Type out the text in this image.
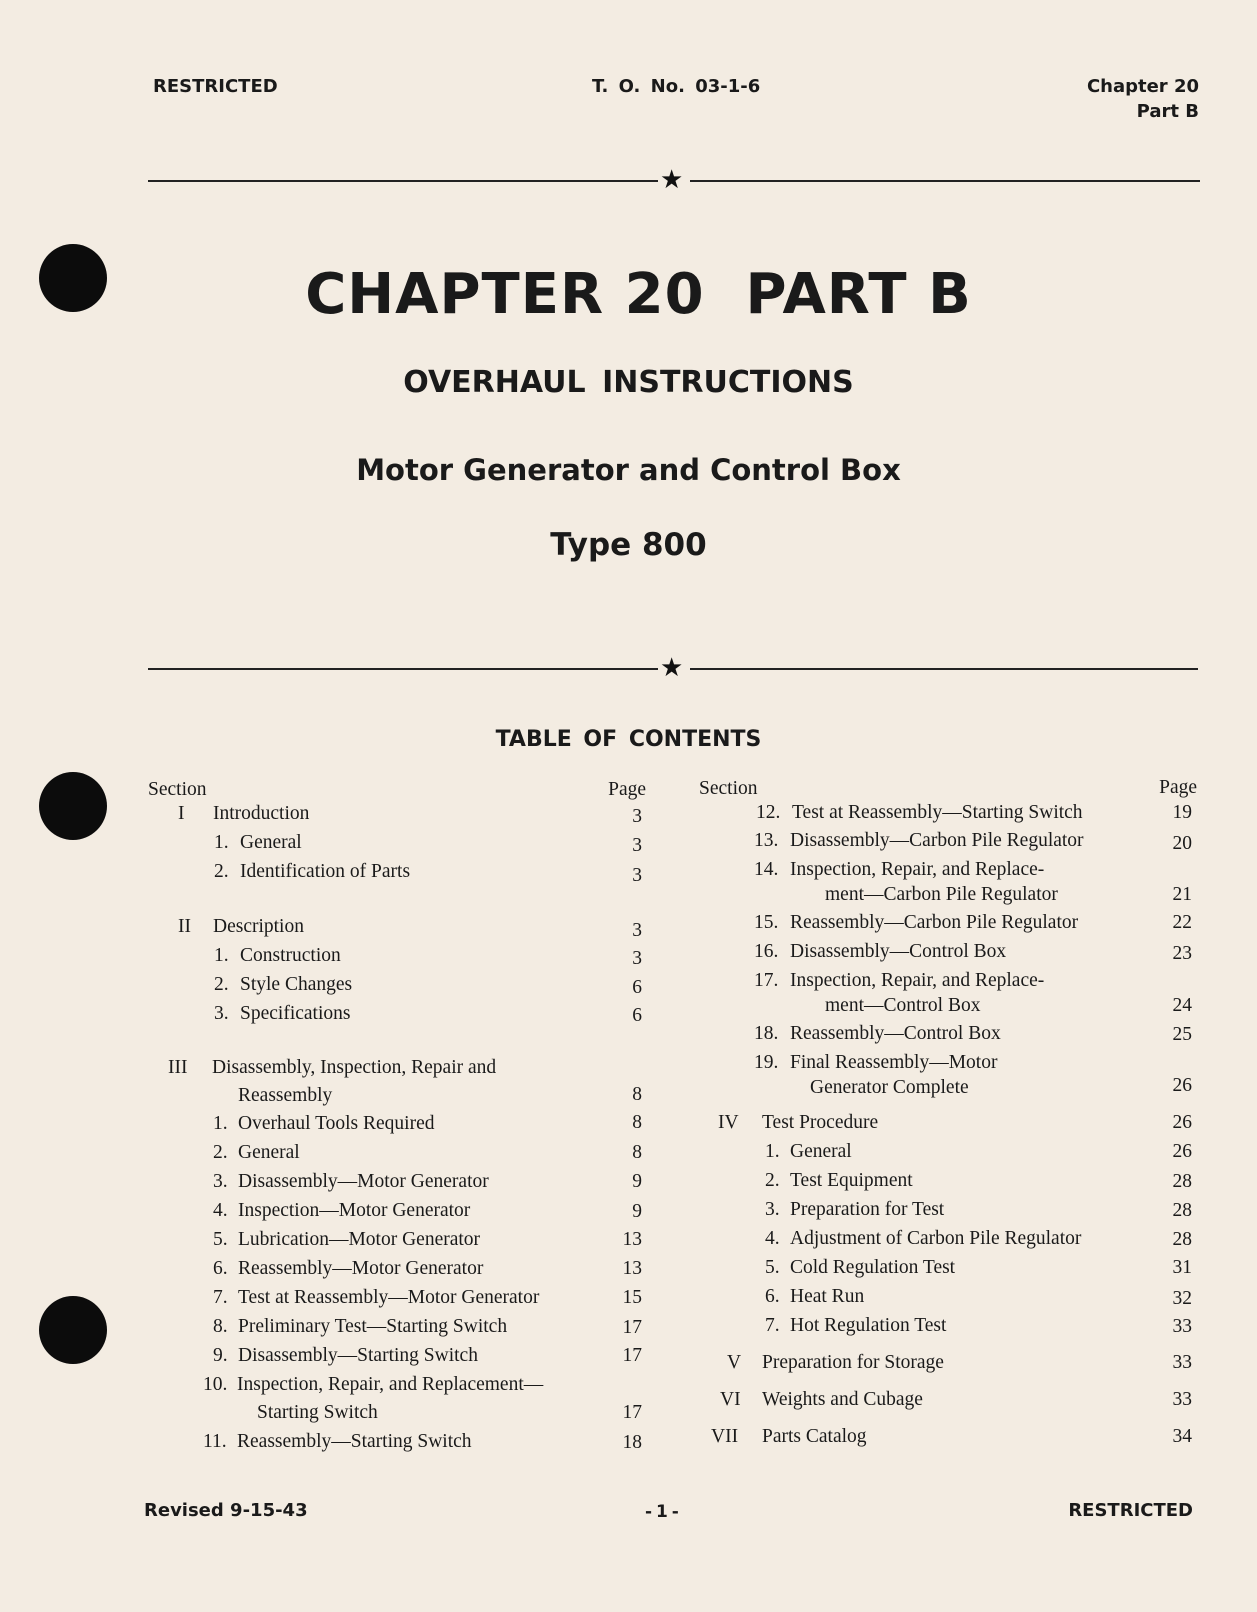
RESTRICTED	T. O. No. 03-1-6	Chapter 20
Part B
★
CHAPTER 20  PART B
OVERHAUL INSTRUCTIONS
Motor Generator and Control Box
Type 800
★
TABLE OF CONTENTS
Section	Page	Section	Page
I Introduction	3
1. General	3
2. Identification of Parts	3
II Description	3
1. Construction	3
2. Style Changes	6
3. Specifications	6
III Disassembly, Inspection, Repair and
Reassembly	8
1. Overhaul Tools Required	8
2. General	8
3. Disassembly—Motor Generator	9
4. Inspection—Motor Generator	9
5. Lubrication—Motor Generator	13
6. Reassembly—Motor Generator	13
7. Test at Reassembly—Motor Generator	15
8. Preliminary Test—Starting Switch	17
9. Disassembly—Starting Switch	17
10. Inspection, Repair, and Replacement—
Starting Switch	17
11. Reassembly—Starting Switch	18
12. Test at Reassembly—Starting Switch	19
13. Disassembly—Carbon Pile Regulator	20
14. Inspection, Repair, and Replace-
ment—Carbon Pile Regulator	21
15. Reassembly—Carbon Pile Regulator	22
16. Disassembly—Control Box	23
17. Inspection, Repair, and Replace-
ment—Control Box	24
18. Reassembly—Control Box	25
19. Final Reassembly—Motor
Generator Complete	26
IV Test Procedure	26
1. General	26
2. Test Equipment	28
3. Preparation for Test	28
4. Adjustment of Carbon Pile Regulator	28
5. Cold Regulation Test	31
6. Heat Run	32
7. Hot Regulation Test	33
V Preparation for Storage	33
VI Weights and Cubage	33
VII Parts Catalog	34
Revised 9-15-43	- 1 -	RESTRICTED
